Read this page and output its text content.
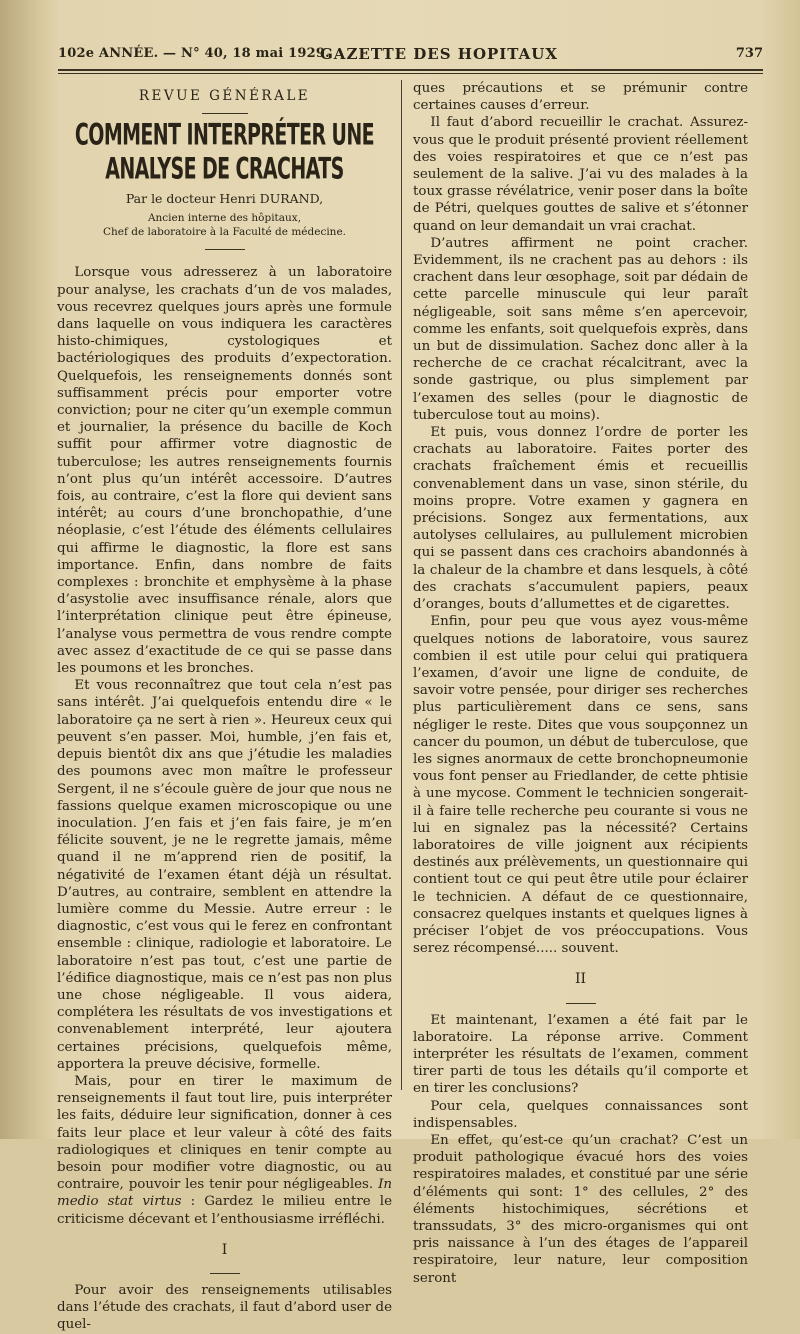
102e ANNÉE. — N° 40, 18 mai 1929.
GAZETTE DES HOPITAUX	737
REVUE GÉNÉRALE
COMMENT INTERPRÉTER UNE ANALYSE DE CRACHATS
Par le docteur Henri DURAND,
Ancien interne des hôpitaux,
Chef de laboratoire à la Faculté de médecine.

Lorsque vous adresserez à un laboratoire pour analyse, les crachats d’un de vos malades, vous recevrez quelques jours après une formule dans laquelle on vous indiquera les caractères histo-chimiques, cystologiques et bactériologiques des produits d’expectoration. Quelquefois, les renseignements donnés sont suffisamment précis pour emporter votre conviction; pour ne citer qu’un exemple commun et journalier, la présence du bacille de Koch suffit pour affirmer votre diagnostic de tuberculose; les autres renseignements fournis n’ont plus qu’un intérêt accessoire. D’autres fois, au contraire, c’est la flore qui devient sans intérêt; au cours d’une bronchopathie, d’une néoplasie, c’est l’étude des éléments cellulaires qui affirme le diagnostic, la flore est sans importance. Enfin, dans nombre de faits complexes : bronchite et emphysème à la phase d’asystolie avec insuffisance rénale, alors que l’interprétation clinique peut être épineuse, l’analyse vous permettra de vous rendre compte avec assez d’exactitude de ce qui se passe dans les poumons et les bronches.

Et vous reconnaîtrez que tout cela n’est pas sans intérêt. J’ai quelquefois entendu dire « le laboratoire ça ne sert à rien ». Heureux ceux qui peuvent s’en passer. Moi, humble, j’en fais et, depuis bientôt dix ans que j’étudie les maladies des poumons avec mon maître le professeur Sergent, il ne s’écoule guère de jour que nous ne fassions quelque examen microscopique ou une inoculation. J’en fais et j’en fais faire, je m’en félicite souvent, je ne le regrette jamais, même quand il ne m’apprend rien de positif, la négativité de l’examen étant déjà un résultat. D’autres, au contraire, semblent en attendre la lumière comme du Messie. Autre erreur : le diagnostic, c’est vous qui le ferez en confrontant ensemble : clinique, radiologie et laboratoire. Le laboratoire n’est pas tout, c’est une partie de l’édifice diagnostique, mais ce n’est pas non plus une chose négligeable. Il vous aidera, complétera les résultats de vos investigations et convenablement interprété, leur ajoutera certaines précisions, quelquefois même, apportera la preuve décisive, formelle.

Mais, pour en tirer le maximum de renseignements il faut tout lire, puis interpréter les faits, déduire leur signification, donner à ces faits leur place et leur valeur à côté des faits radiologiques et cliniques en tenir compte au besoin pour modifier votre diagnostic, ou au contraire, pouvoir les tenir pour négligeables. In medio stat virtus : Gardez le milieu entre le criticisme décevant et l’enthousiasme irréfléchi.

I

Pour avoir des renseignements utilisables dans l’étude des crachats, il faut d’abord user de quel-

ques précautions et se prémunir contre certaines causes d’erreur.

Il faut d’abord recueillir le crachat. Assurez-vous que le produit présenté provient réellement des voies respiratoires et que ce n’est pas seulement de la salive. J’ai vu des malades à la toux grasse révélatrice, venir poser dans la boîte de Pétri, quelques gouttes de salive et s’étonner quand on leur demandait un vrai crachat.

D’autres affirment ne point cracher. Evidemment, ils ne crachent pas au dehors : ils crachent dans leur œsophage, soit par dédain de cette parcelle minuscule qui leur paraît négligeable, soit sans même s’en apercevoir, comme les enfants, soit quelquefois exprès, dans un but de dissimulation. Sachez donc aller à la recherche de ce crachat récalcitrant, avec la sonde gastrique, ou plus simplement par l’examen des selles (pour le diagnostic de tuberculose tout au moins).

Et puis, vous donnez l’ordre de porter les crachats au laboratoire. Faites porter des crachats fraîchement émis et recueillis convenablement dans un vase, sinon stérile, du moins propre. Votre examen y gagnera en précisions. Songez aux fermentations, aux autolyses cellulaires, au pullulement microbien qui se passent dans ces crachoirs abandonnés à la chaleur de la chambre et dans lesquels, à côté des crachats s’accumulent papiers, peaux d’oranges, bouts d’allumettes et de cigarettes.

Enfin, pour peu que vous ayez vous-même quelques notions de laboratoire, vous saurez combien il est utile pour celui qui pratiquera l’examen, d’avoir une ligne de conduite, de savoir votre pensée, pour diriger ses recherches plus particulièrement dans ce sens, sans négliger le reste. Dites que vous soupçonnez un cancer du poumon, un début de tuberculose, que les signes anormaux de cette bronchopneumonie vous font penser au Friedlander, de cette phtisie à une mycose. Comment le technicien songerait-il à faire telle recherche peu courante si vous ne lui en signalez pas la nécessité? Certains laboratoires de ville joignent aux récipients destinés aux prélèvements, un questionnaire qui contient tout ce qui peut être utile pour éclairer le technicien. A défaut de ce questionnaire, consacrez quelques instants et quelques lignes à préciser l’objet de vos préoccupations. Vous serez récompensé..... souvent.

II

Et maintenant, l’examen a été fait par le laboratoire. La réponse arrive. Comment interpréter les résultats de l’examen, comment tirer parti de tous les détails qu’il comporte et en tirer les conclusions?

Pour cela, quelques connaissances sont indispensables.

En effet, qu’est-ce qu’un crachat? C’est un produit pathologique évacué hors des voies respiratoires malades, et constitué par une série d’éléments qui sont: 1° des cellules, 2° des éléments histochimiques, sécrétions et transsudats, 3° des micro-organismes qui ont pris naissance à l’un des étages de l’appareil respiratoire, leur nature, leur composition seront
